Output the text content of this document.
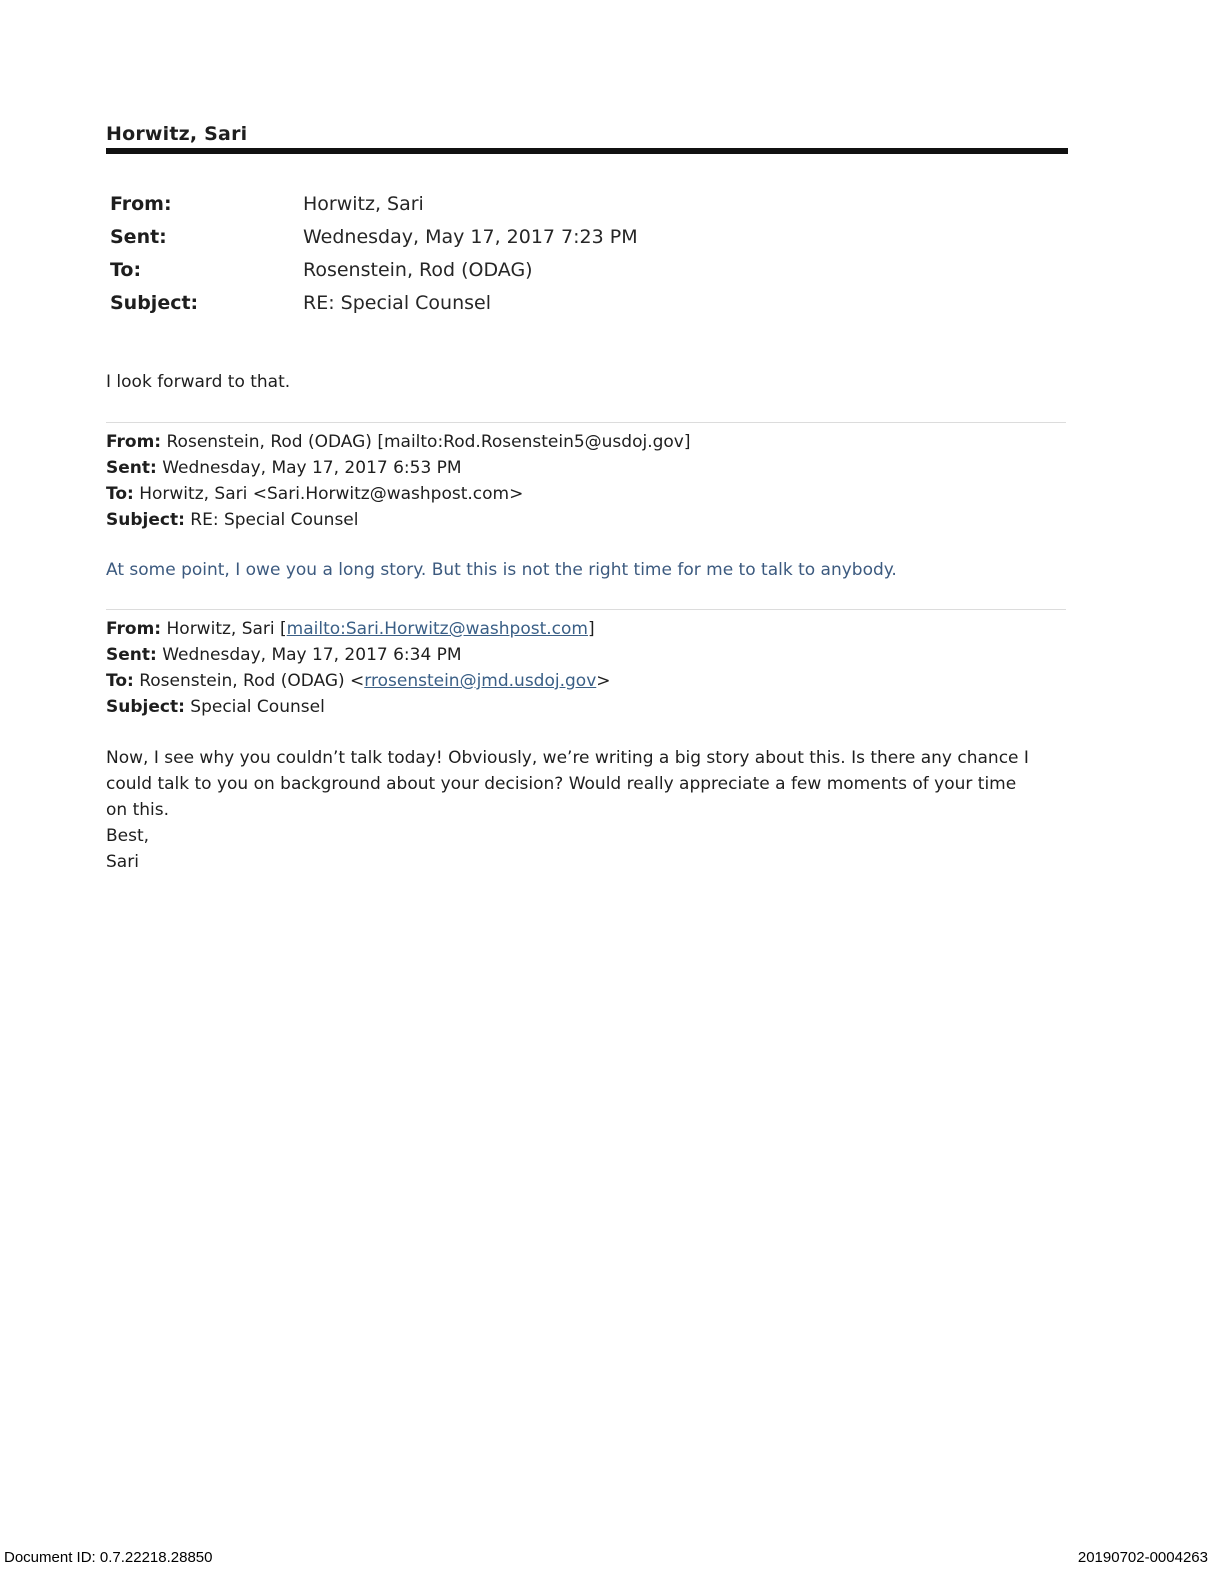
Horwitz, Sari
From:	Horwitz, Sari
Sent:	Wednesday, May 17, 2017 7:23 PM
To:	Rosenstein, Rod (ODAG)
Subject:	RE: Special Counsel
I look forward to that.
From: Rosenstein, Rod (ODAG) [mailto:Rod.Rosenstein5@usdoj.gov]
Sent: Wednesday, May 17, 2017 6:53 PM
To: Horwitz, Sari <Sari.Horwitz@washpost.com>
Subject: RE: Special Counsel
At some point, I owe you a long story. But this is not the right time for me to talk to anybody.
From: Horwitz, Sari [mailto:Sari.Horwitz@washpost.com]
Sent: Wednesday, May 17, 2017 6:34 PM
To: Rosenstein, Rod (ODAG) <rrosenstein@jmd.usdoj.gov>
Subject: Special Counsel
Now, I see why you couldn’t talk today! Obviously, we’re writing a big story about this. Is there any chance I
could talk to you on background about your decision? Would really appreciate a few moments of your time
on this.
Best,
Sari
Document ID: 0.7.22218.28850	20190702-0004263
